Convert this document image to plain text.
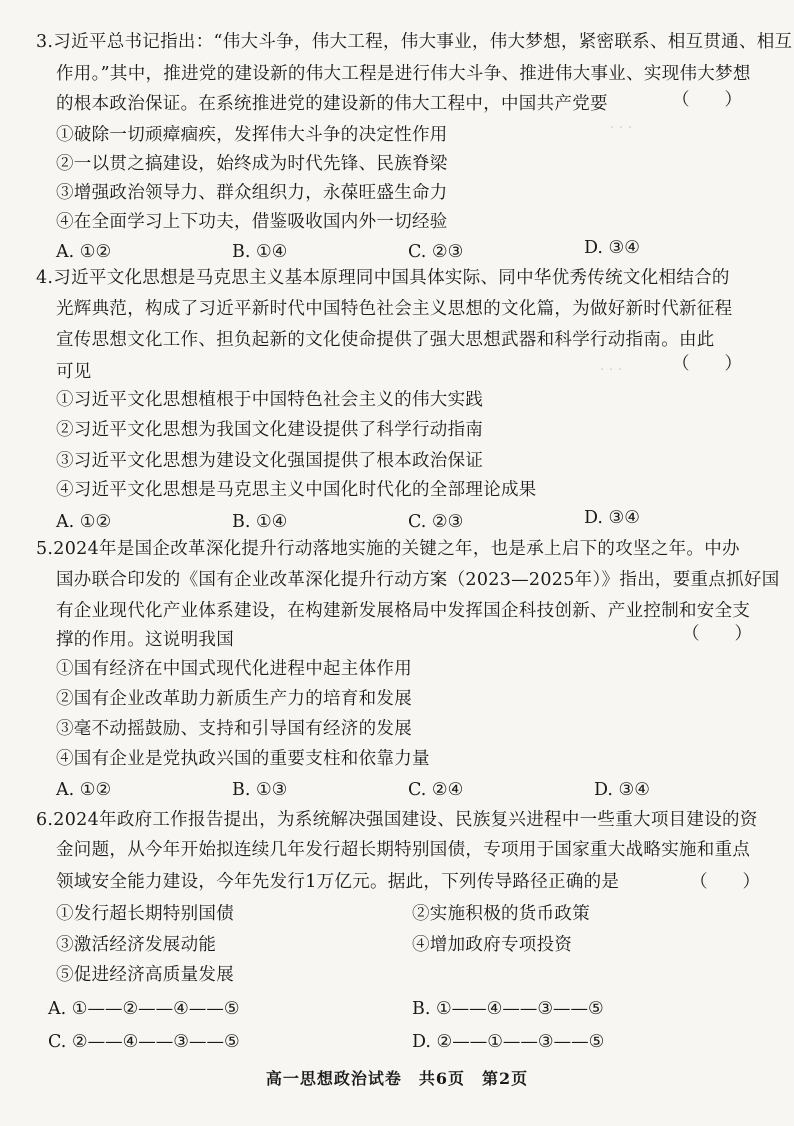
· · ·
· · ·
3.习近平总书记指出：“伟大斗争，伟大工程，伟大事业，伟大梦想，紧密联系、相互贯通、相互
作用。”其中，推进党的建设新的伟大工程是进行伟大斗争、推进伟大事业、实现伟大梦想
的根本政治保证。在系统推进党的建设新的伟大工程中，中国共产党要	（　　）
①破除一切顽瘴痼疾，发挥伟大斗争的决定性作用
②一以贯之搞建设，始终成为时代先锋、民族脊梁
③增强政治领导力、群众组织力，永葆旺盛生命力
④在全面学习上下功夫，借鉴吸收国内外一切经验
A. ①②	B. ①④	C. ②③	D. ③④
4.习近平文化思想是马克思主义基本原理同中国具体实际、同中华优秀传统文化相结合的
光辉典范，构成了习近平新时代中国特色社会主义思想的文化篇，为做好新时代新征程
宣传思想文化工作、担负起新的文化使命提供了强大思想武器和科学行动指南。由此
可见	（　　）
①习近平文化思想植根于中国特色社会主义的伟大实践
②习近平文化思想为我国文化建设提供了科学行动指南
③习近平文化思想为建设文化强国提供了根本政治保证
④习近平文化思想是马克思主义中国化时代化的全部理论成果
A. ①②	B. ①④	C. ②③	D. ③④
5.2024年是国企改革深化提升行动落地实施的关键之年，也是承上启下的攻坚之年。中办
国办联合印发的《国有企业改革深化提升行动方案（2023—2025年）》指出，要重点抓好国
有企业现代化产业体系建设，在构建新发展格局中发挥国企科技创新、产业控制和安全支
撑的作用。这说明我国	（　　）
①国有经济在中国式现代化进程中起主体作用
②国有企业改革助力新质生产力的培育和发展
③毫不动摇鼓励、支持和引导国有经济的发展
④国有企业是党执政兴国的重要支柱和依靠力量
A. ①②	B. ①③	C. ②④	D. ③④
6.2024年政府工作报告提出，为系统解决强国建设、民族复兴进程中一些重大项目建设的资
金问题，从今年开始拟连续几年发行超长期特别国债，专项用于国家重大战略实施和重点
领域安全能力建设，今年先发行1万亿元。据此，下列传导路径正确的是	（　　）
①发行超长期特别国债	②实施积极的货币政策
③激活经济发展动能	④增加政府专项投资
⑤促进经济高质量发展
A. ①——②——④——⑤	B. ①——④——③——⑤
C. ②——④——③——⑤	D. ②——①——③——⑤
高一思想政治试卷　共6页　第2页
